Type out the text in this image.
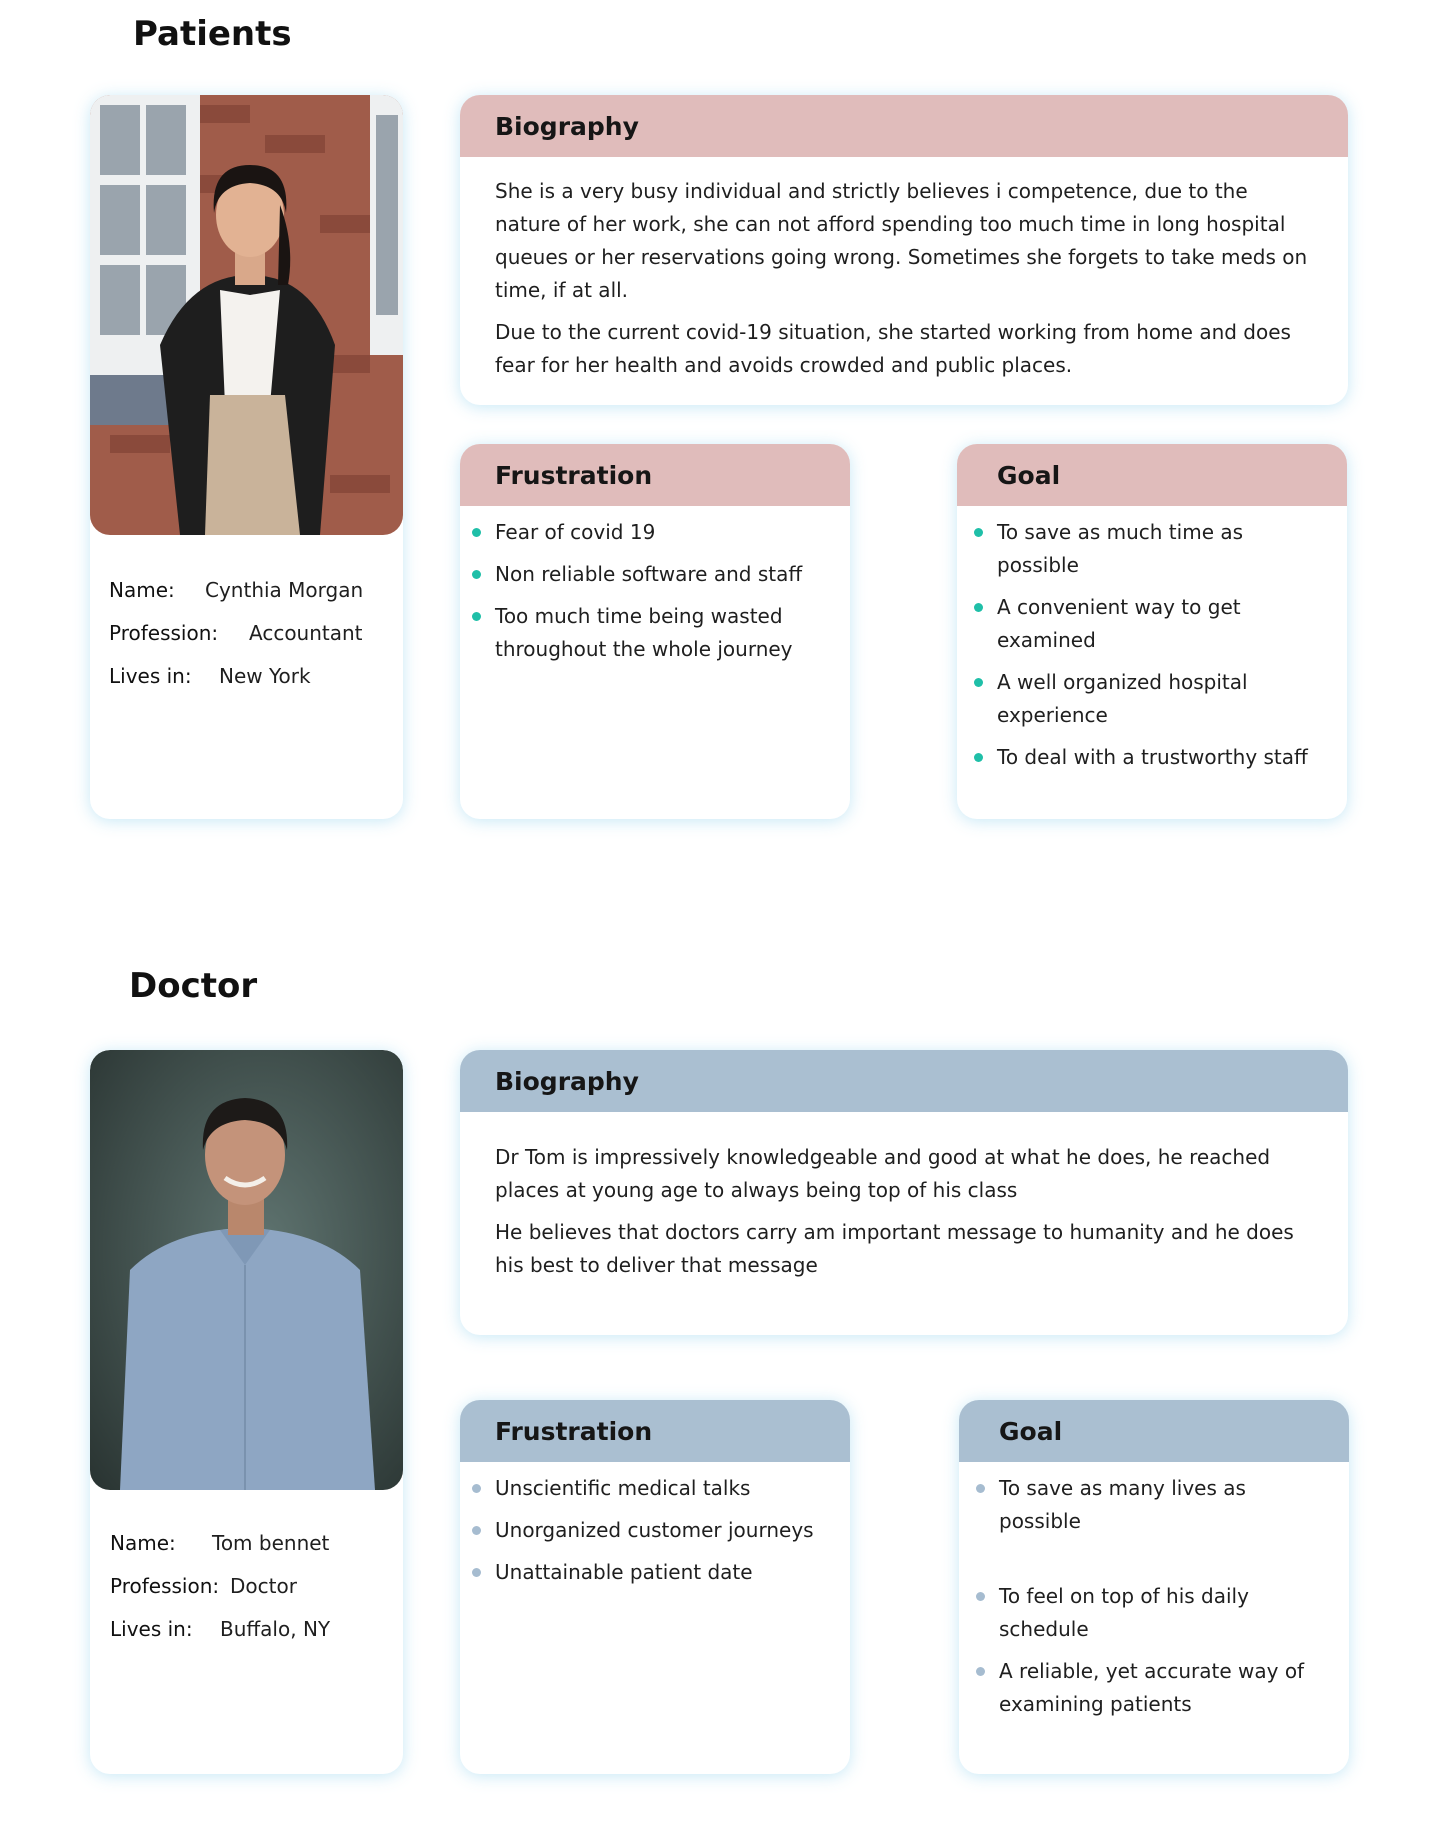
Patients
Name:	Cynthia Morgan
Profession:	Accountant
Lives in:	New York
Biography

She is a very busy individual and strictly believes i competence, due to the nature of her work, she can not afford spending too much time in long hospital queues or her reservations going wrong. Sometimes she forgets to take meds on time, if at all.

Due to the current covid-19 situation, she started working from home and does fear for her health and avoids crowded and public places.

Frustration
Fear of covid 19
Non reliable software and staff
Too much time being wasted throughout the whole journey
Goal
To save as much time as possible
A convenient way to get examined
A well organized hospital experience
To deal with a trustworthy staff
Doctor
Name:	Tom bennet
Profession: Doctor
Lives in:	Buffalo, NY
Biography

Dr Tom is impressively knowledgeable and good at what he does, he reached places at young age to always being top of his class

He believes that doctors carry am important message to humanity and he does his best to deliver that message

Frustration
Unscientific medical talks
Unorganized customer journeys
Unattainable patient date
Goal
To save as many lives as possible
To feel on top of his daily schedule
A reliable, yet accurate way of examining patients
